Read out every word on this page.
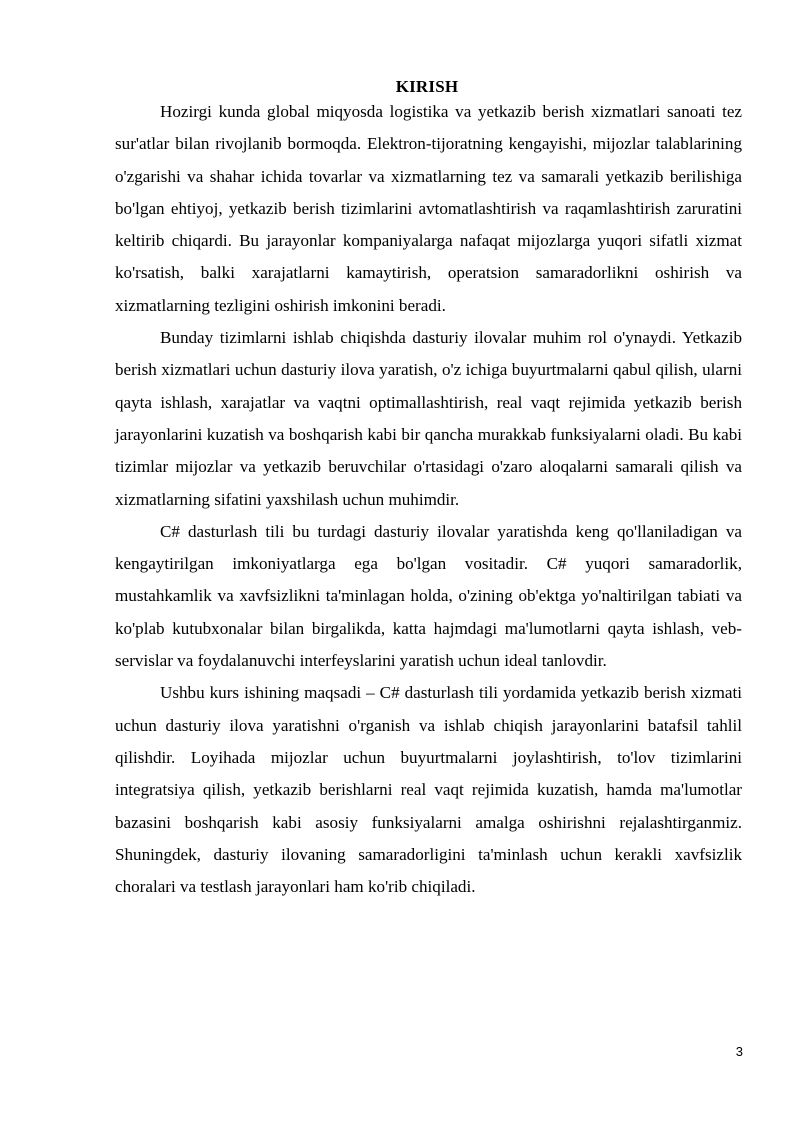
KIRISH

Hozirgi kunda global miqyosda logistika va yetkazib berish xizmatlari sanoati tez sur'atlar bilan rivojlanib bormoqda. Elektron-tijoratning kengayishi, mijozlar talablarining o'zgarishi va shahar ichida tovarlar va xizmatlarning tez va samarali yetkazib berilishiga bo'lgan ehtiyoj, yetkazib berish tizimlarini avtomatlashtirish va raqamlashtirish zaruratini keltirib chiqardi. Bu jarayonlar kompaniyalarga nafaqat mijozlarga yuqori sifatli xizmat ko'rsatish, balki xarajatlarni kamaytirish, operatsion samaradorlikni oshirish va xizmatlarning tezligini oshirish imkonini beradi.

Bunday tizimlarni ishlab chiqishda dasturiy ilovalar muhim rol o'ynaydi. Yetkazib berish xizmatlari uchun dasturiy ilova yaratish, o'z ichiga buyurtmalarni qabul qilish, ularni qayta ishlash, xarajatlar va vaqtni optimallashtirish, real vaqt rejimida yetkazib berish jarayonlarini kuzatish va boshqarish kabi bir qancha murakkab funksiyalarni oladi. Bu kabi tizimlar mijozlar va yetkazib beruvchilar o'rtasidagi o'zaro aloqalarni samarali qilish va xizmatlarning sifatini yaxshilash uchun muhimdir.

C# dasturlash tili bu turdagi dasturiy ilovalar yaratishda keng qo'llaniladigan va kengaytirilgan imkoniyatlarga ega bo'lgan vositadir. C# yuqori samaradorlik, mustahkamlik va xavfsizlikni ta'minlagan holda, o'zining ob'ektga yo'naltirilgan tabiati va ko'plab kutubxonalar bilan birgalikda, katta hajmdagi ma'lumotlarni qayta ishlash, veb-servislar va foydalanuvchi interfeyslarini yaratish uchun ideal tanlovdir.

Ushbu kurs ishining maqsadi – C# dasturlash tili yordamida yetkazib berish xizmati uchun dasturiy ilova yaratishni o'rganish va ishlab chiqish jarayonlarini batafsil tahlil qilishdir. Loyihada mijozlar uchun buyurtmalarni joylashtirish, to'lov tizimlarini integratsiya qilish, yetkazib berishlarni real vaqt rejimida kuzatish, hamda ma'lumotlar bazasini boshqarish kabi asosiy funksiyalarni amalga oshirishni rejalashtirganmiz. Shuningdek, dasturiy ilovaning samaradorligini ta'minlash uchun kerakli xavfsizlik choralari va testlash jarayonlari ham ko'rib chiqiladi.

3
